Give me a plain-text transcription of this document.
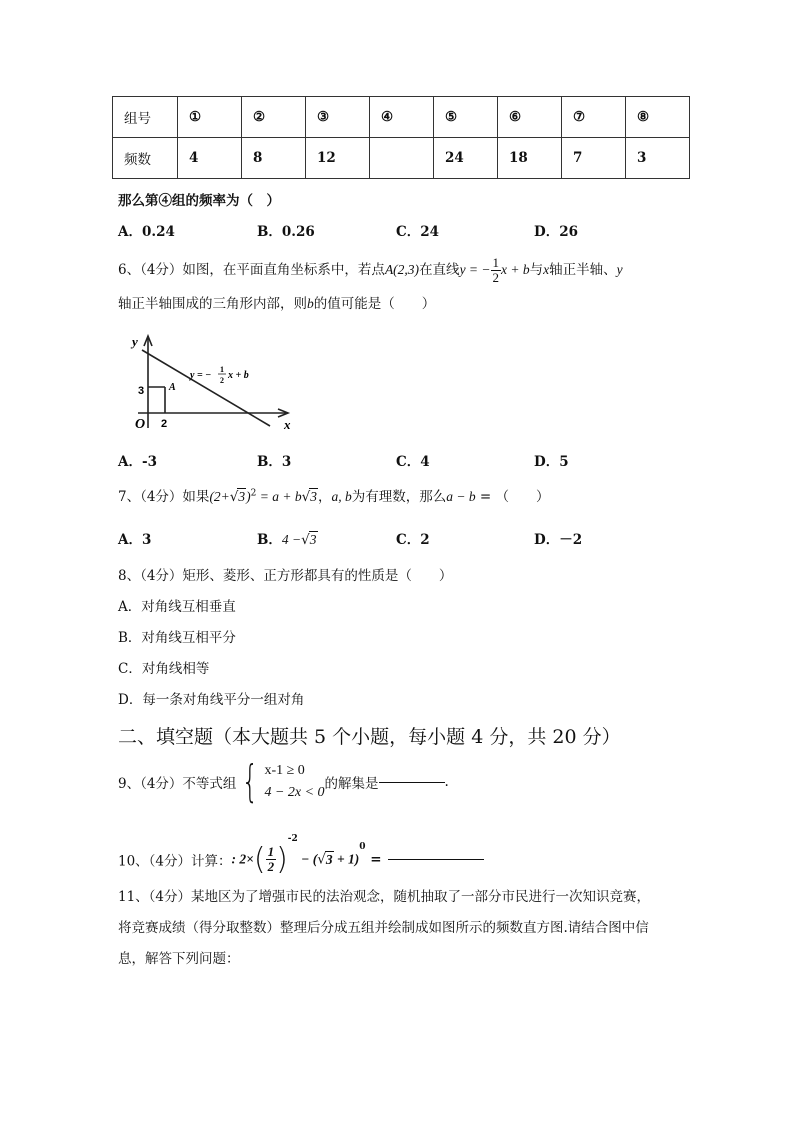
组号	①	②	③	④	⑤	⑥	⑦	⑧
频数	4	8	12		24	18	7	3
那么第④组的频率为（　）
A．0.24	B．0.26	C．24	D．26
6、（4分）如图，在平面直角坐标系中，若点A(2,3)在直线y = − $\frac{1}{2}$ x + b与x轴正半轴、y
轴正半轴围成的三角形内部，则b的值可能是（　　）
y
x
O
3
2
A
y = −
1
2 x + b
A．-3	B．3	C．4	D．5
7、（4分）如果$(2+√3)^2 = a + b√3$，a, b为有理数，那么a − b = （　　）
A．3	B．4 −√3	C．2	D．－2
8、（4分）矩形、菱形、正方形都具有的性质是（　　）
A．对角线互相垂直
B．对角线互相平分
C．对角线相等
D．每一条对角线平分一组对角
二、填空题（本大题共 5 个小题，每小题 4 分，共 20 分）
9、（4分）不等式组 { x-1 ≥ 0
4 − 2x < 0
的解集是	.
10、（4分）计算：: $2\times( \frac{1}{2} )^{-2} - (√3 + 1)^0$ =
11、（4分）某地区为了增强市民的法治观念，随机抽取了一部分市民进行一次知识竞赛，
将竞赛成绩（得分取整数）整理后分成五组并绘制成如图所示的频数直方图.请结合图中信
息，解答下列问题：
